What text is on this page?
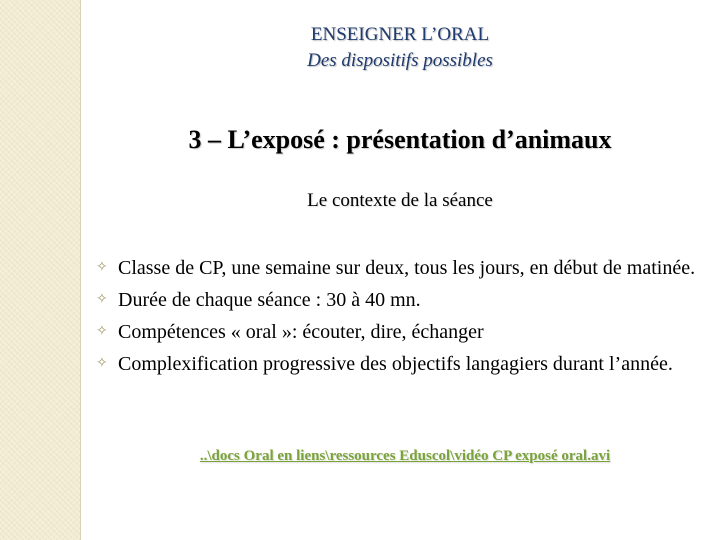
ENSEIGNER L’ORAL
Des dispositifs possibles
3 – L’exposé : présentation d’animaux
Le contexte de la séance
✧ Classe de CP, une semaine sur deux, tous les jours, en début de matinée.
✧ Durée de chaque séance : 30 à 40 mn.
✧ Compétences « oral »: écouter, dire, échanger
✧ Complexification progressive des objectifs langagiers durant l’année.
..\docs Oral en liens\ressources Eduscol\vidéo CP exposé oral.avi
